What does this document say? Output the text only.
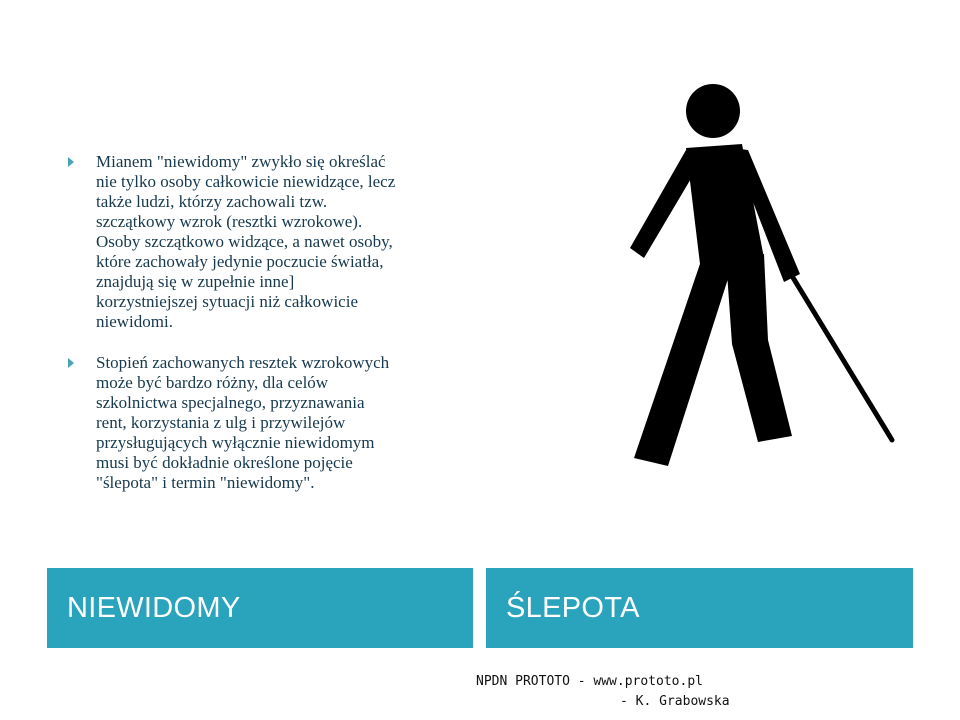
Mianem "niewidomy" zwykło się określać
nie tylko osoby całkowicie niewidzące, lecz
także ludzi, którzy zachowali tzw.
szczątkowy wzrok (resztki wzrokowe).
Osoby szczątkowo widzące, a nawet osoby,
które zachowały jedynie poczucie światła,
znajdują się w zupełnie inne]
korzystniejszej sytuacji niż całkowicie
niewidomi.
Stopień zachowanych resztek wzrokowych
może być bardzo różny, dla celów
szkolnictwa specjalnego, przyznawania
rent, korzystania z ulg i przywilejów
przysługujących wyłącznie niewidomym
musi być dokładnie określone pojęcie
"ślepota" i termin "niewidomy".
NIEWIDOMY	ŚLEPOTA
NPDN PROTOTO - www.prototo.pl
- K. Grabowska
